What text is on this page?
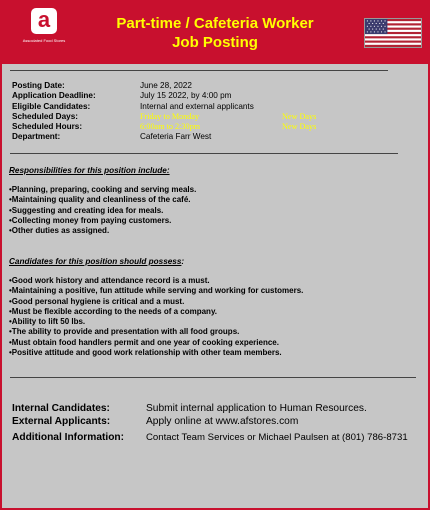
a
Associated Food Stores
Part-time / Cafeteria Worker
Job Posting
Posting Date:	June 28, 2022
Application Deadline:	July 15 2022, by 4:00 pm
Eligible Candidates:	Internal and external applicants
Scheduled Days:	Friday to Monday	New Days
Scheduled Hours:	6:00am to 2:30pm	New Days
Department:	Cafeteria Farr West
Responsibilities for this position include:
•Planning, preparing, cooking and serving meals.
•Maintaining quality and cleanliness of the café.
•Suggesting and creating idea for meals.
•Collecting money from paying customers.
•Other duties as assigned.
Candidates for this position should possess:
•Good work history and attendance record is a must.
•Maintaining a positive, fun attitude while serving and working for customers.
•Good personal hygiene is critical and a must.
•Must be flexible according to the needs of a company.
•Ability to lift 50 lbs.
•The ability to provide and presentation with all food groups.
•Must obtain food handlers permit and one year of cooking experience.
•Positive attitude and good work relationship with other team members.
Internal Candidates:	Submit internal application to Human Resources.
External Applicants:	Apply online at www.afstores.com
Additional Information:	Contact Team Services or Michael Paulsen at (801) 786-8731
